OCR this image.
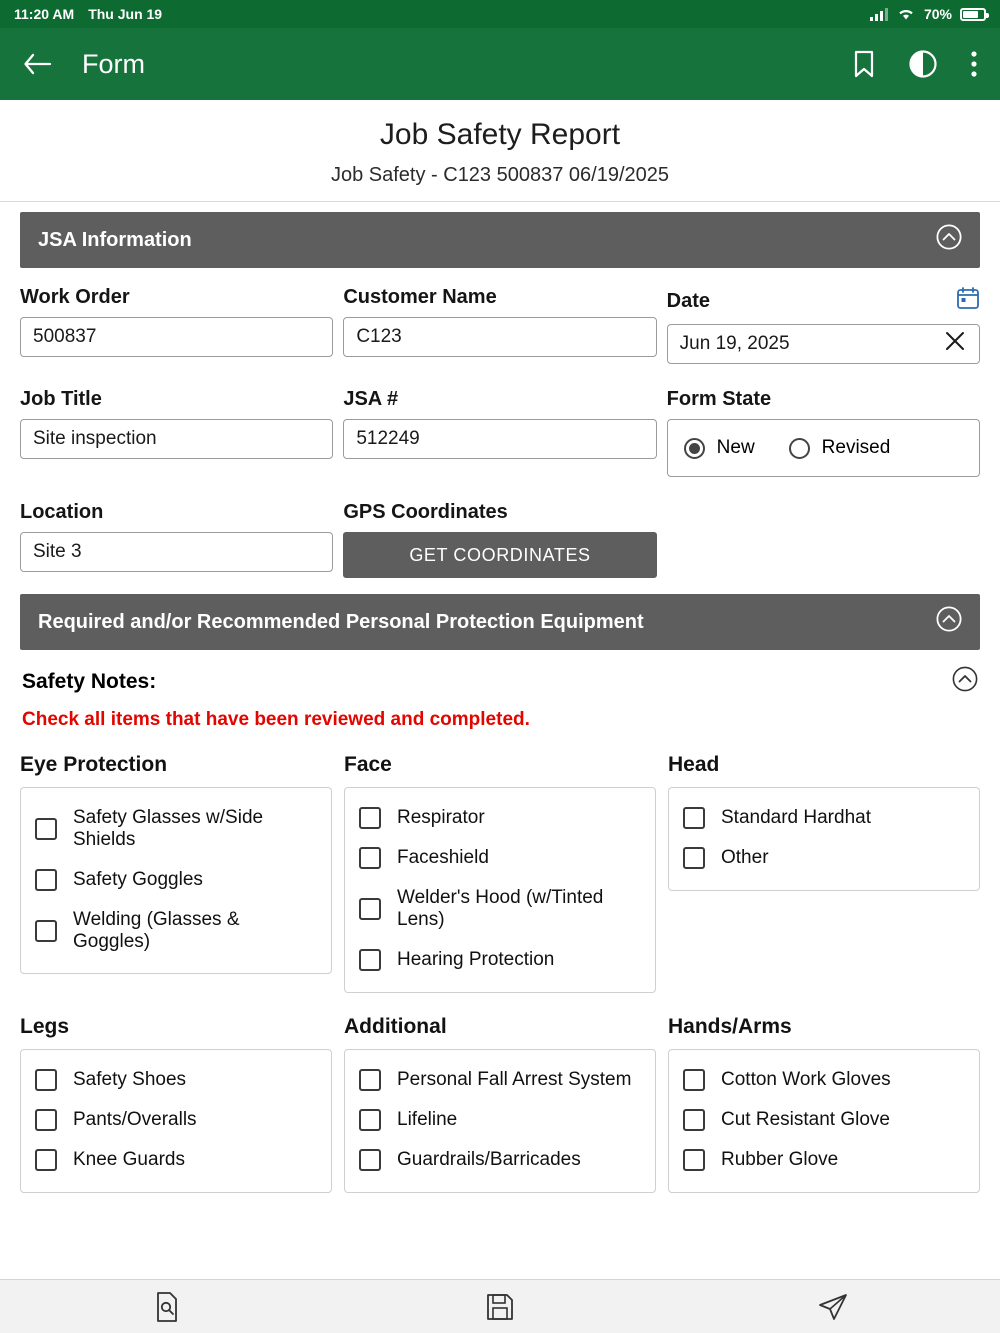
11:20 AM Thu Jun 19	70%
Form
Job Safety Report
Job Safety - C123 500837 06/19/2025
JSA Information
Work Order
500837
Customer Name
C123
Date
Jun 19, 2025
Job Title
Site inspection
JSA #
512249
Form State
New	Revised
Location
Site 3
GPS Coordinates
GET COORDINATES
Required and/or Recommended Personal Protection Equipment
Safety Notes:
Check all items that have been reviewed and completed.
Eye Protection
Safety Glasses w/Side Shields
Safety Goggles
Welding (Glasses & Goggles)
Face
Respirator
Faceshield
Welder's Hood (w/Tinted Lens)
Hearing Protection
Head
Standard Hardhat
Other
Legs
Safety Shoes
Pants/Overalls
Knee Guards
Additional
Personal Fall Arrest System
Lifeline
Guardrails/Barricades
Hands/Arms
Cotton Work Gloves
Cut Resistant Glove
Rubber Glove
